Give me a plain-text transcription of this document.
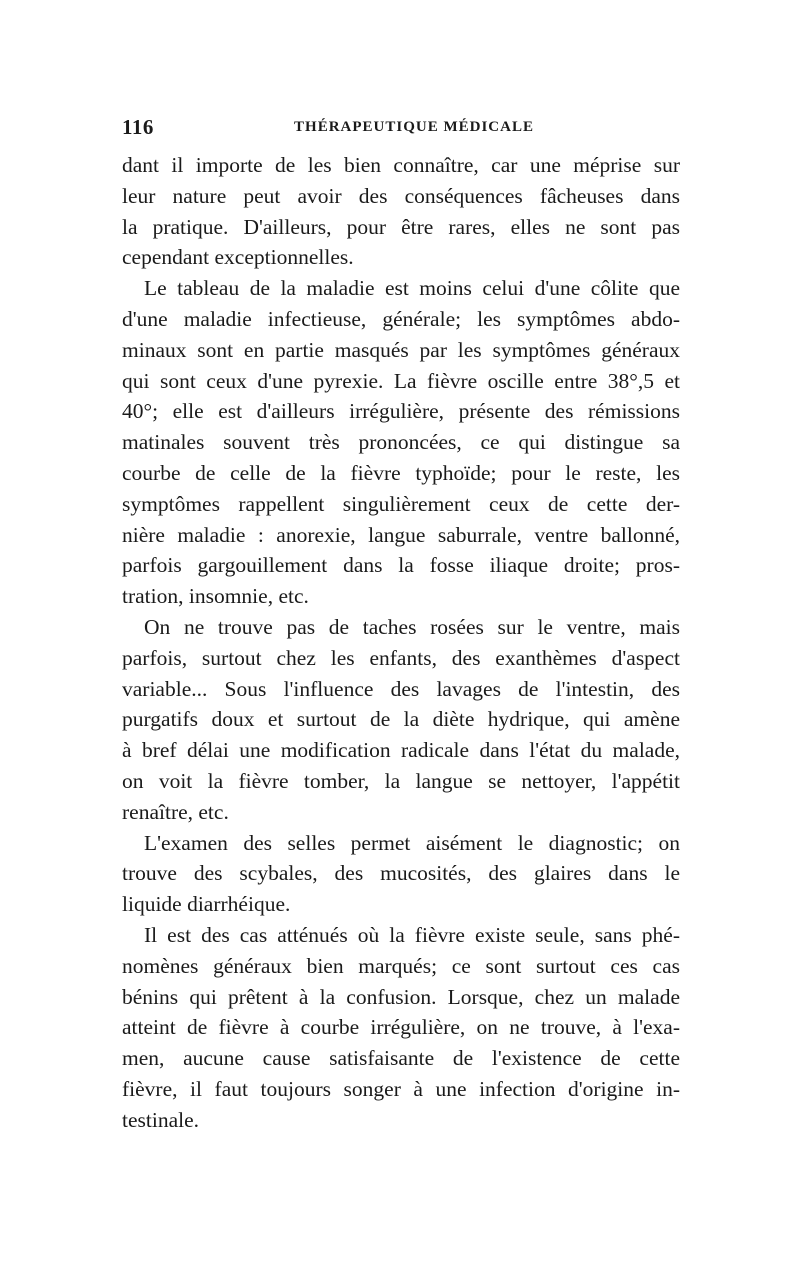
116	THÉRAPEUTIQUE MÉDICALE
dant il importe de les bien connaître, car une méprise sur
leur nature peut avoir des conséquences fâcheuses dans
la pratique. D'ailleurs, pour être rares, elles ne sont pas
cependant exceptionnelles.
Le tableau de la maladie est moins celui d'une côlite que
d'une maladie infectieuse, générale; les symptômes abdo-
minaux sont en partie masqués par les symptômes généraux
qui sont ceux d'une pyrexie. La fièvre oscille entre 38°,5 et
40°; elle est d'ailleurs irrégulière, présente des rémissions
matinales souvent très prononcées, ce qui distingue sa
courbe de celle de la fièvre typhoïde; pour le reste, les
symptômes rappellent singulièrement ceux de cette der-
nière maladie : anorexie, langue saburrale, ventre ballonné,
parfois gargouillement dans la fosse iliaque droite; pros-
tration, insomnie, etc.
On ne trouve pas de taches rosées sur le ventre, mais
parfois, surtout chez les enfants, des exanthèmes d'aspect
variable... Sous l'influence des lavages de l'intestin, des
purgatifs doux et surtout de la diète hydrique, qui amène
à bref délai une modification radicale dans l'état du malade,
on voit la fièvre tomber, la langue se nettoyer, l'appétit
renaître, etc.
L'examen des selles permet aisément le diagnostic; on
trouve des scybales, des mucosités, des glaires dans le
liquide diarrhéique.
Il est des cas atténués où la fièvre existe seule, sans phé-
nomènes généraux bien marqués; ce sont surtout ces cas
bénins qui prêtent à la confusion. Lorsque, chez un malade
atteint de fièvre à courbe irrégulière, on ne trouve, à l'exa-
men, aucune cause satisfaisante de l'existence de cette
fièvre, il faut toujours songer à une infection d'origine in-
testinale.
